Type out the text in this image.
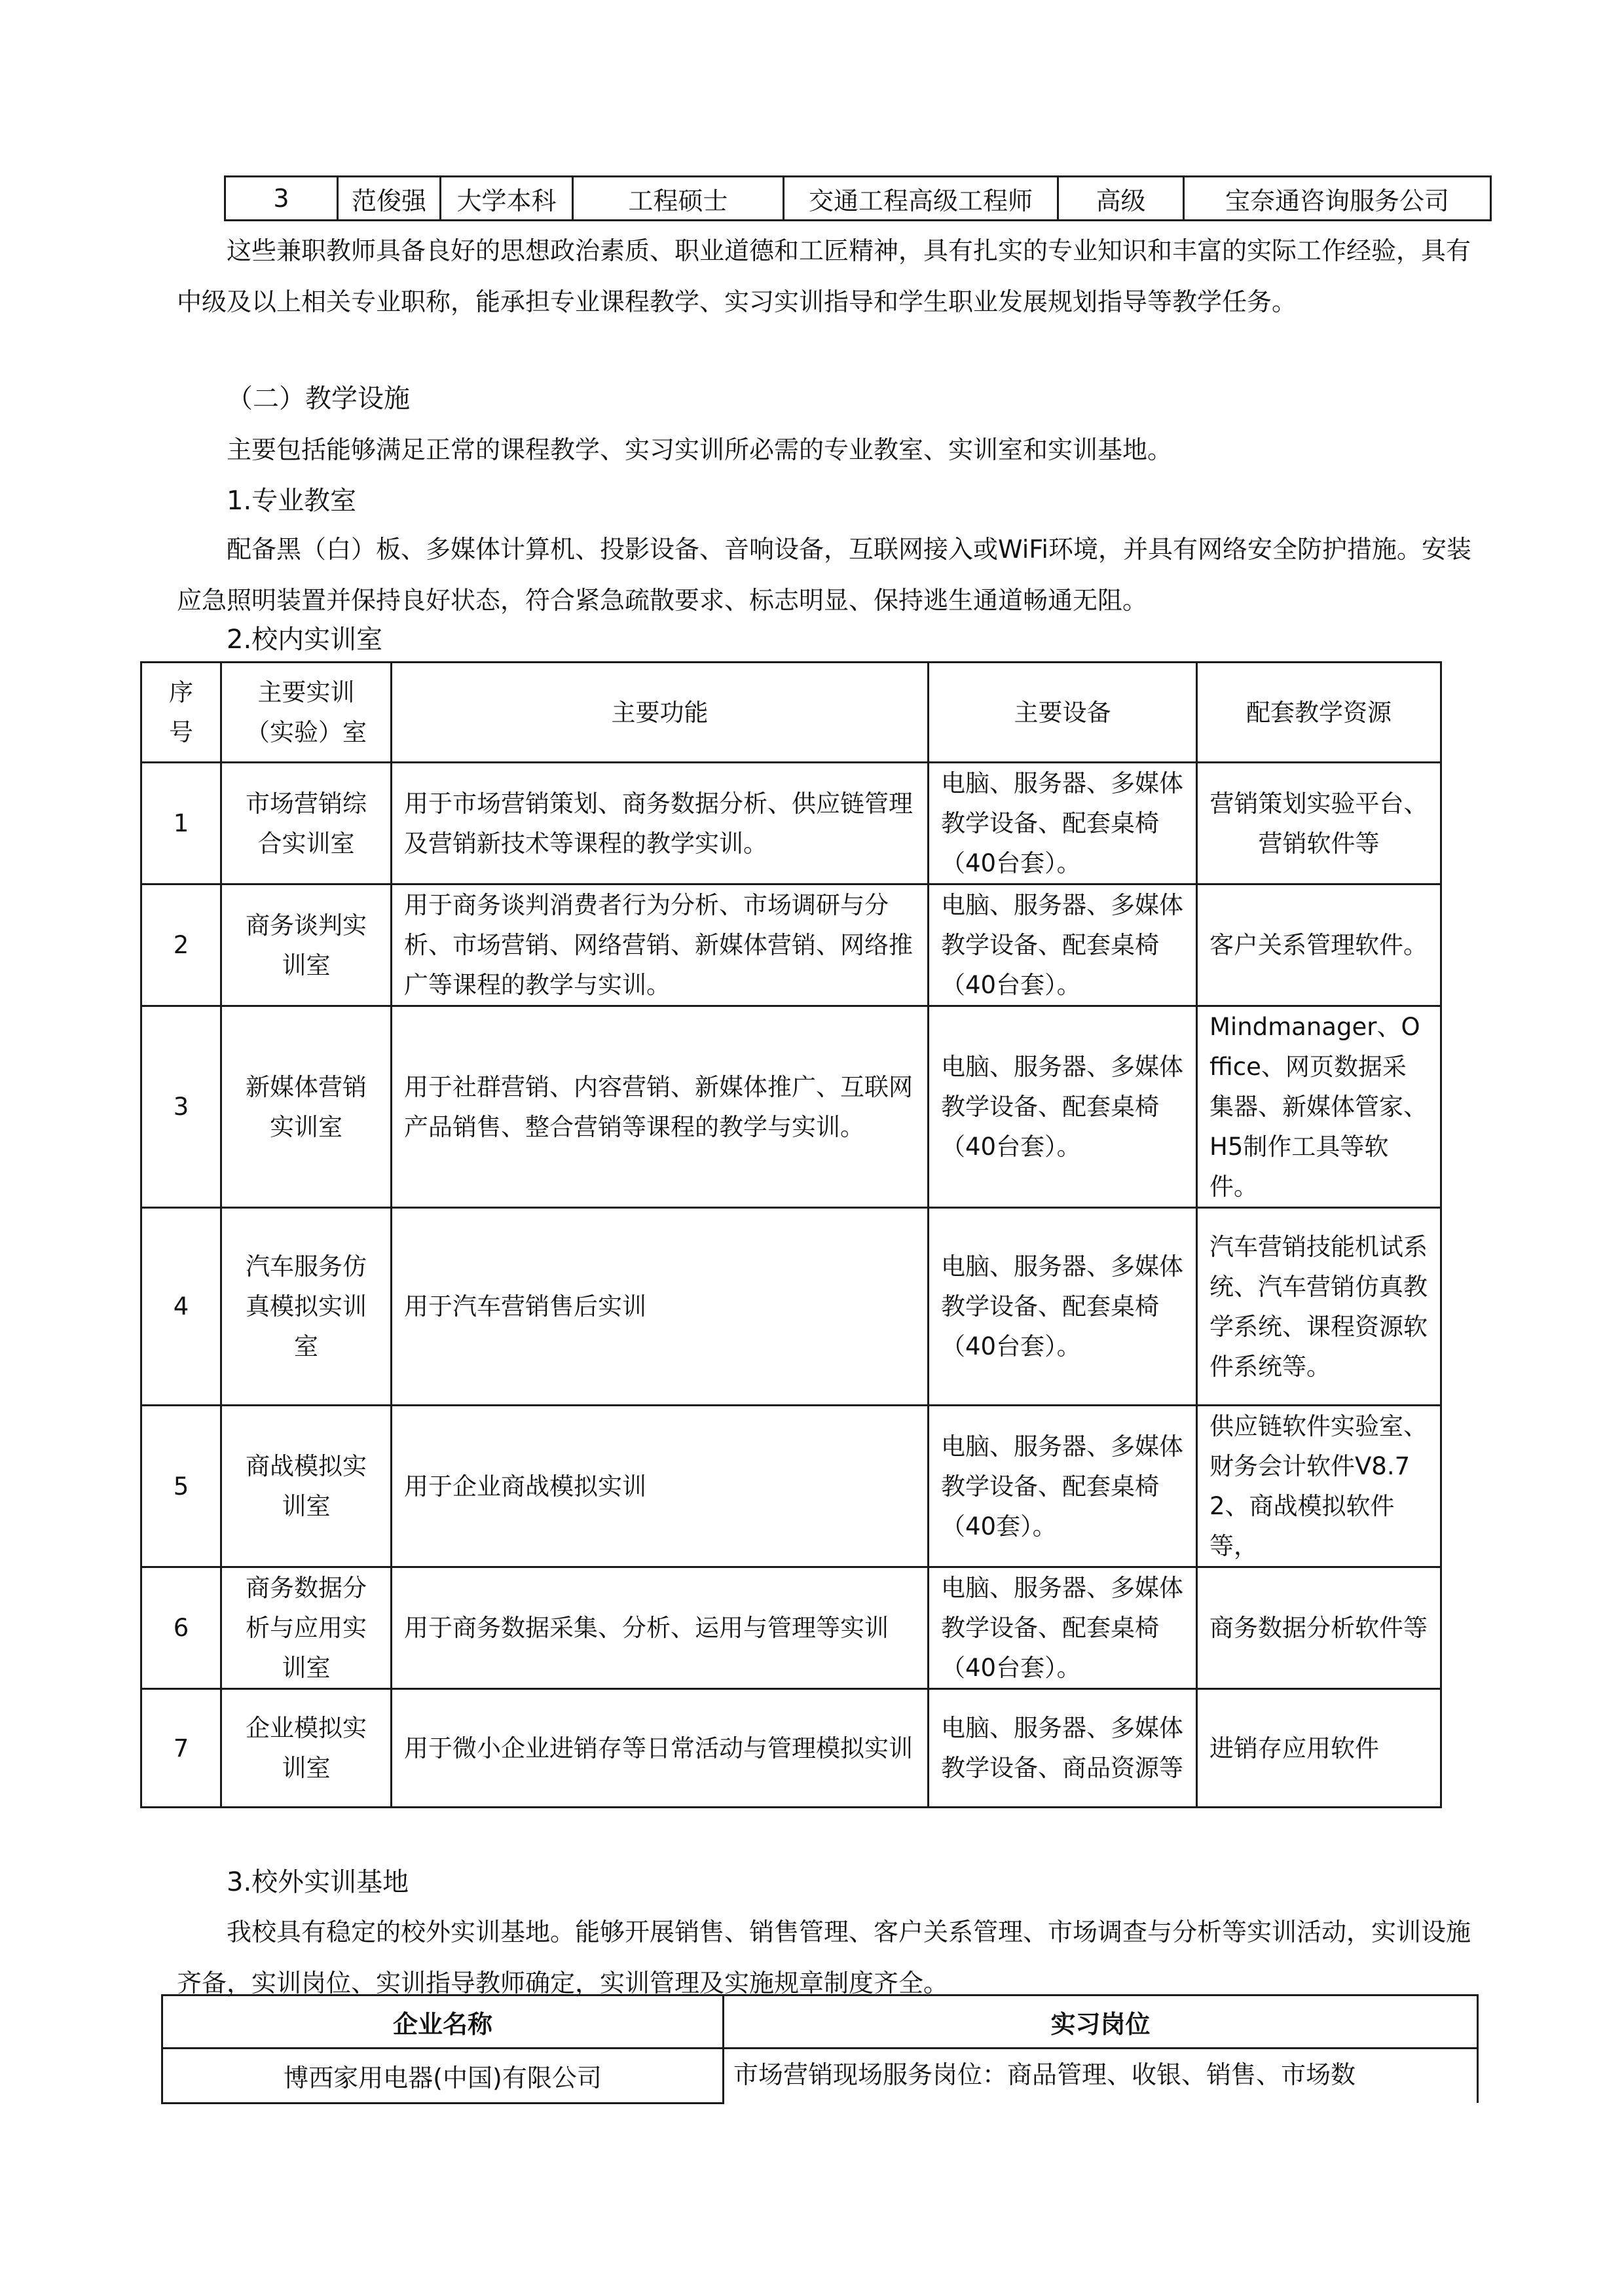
3	范俊强	大学本科	工程硕士	交通工程高级工程师	高级	宝奈通咨询服务公司

这些兼职教师具备良好的思想政治素质、职业道德和工匠精神，具有扎实的专业知识和丰富的实际工作经验，具有中级及以上相关专业职称，能承担专业课程教学、实习实训指导和学生职业发展规划指导等教学任务。

（二）教学设施

主要包括能够满足正常的课程教学、实习实训所必需的专业教室、实训室和实训基地。

1.专业教室

配备黑（白）板、多媒体计算机、投影设备、音响设备，互联网接入或WiFi环境，并具有网络安全防护措施。安装应急照明装置并保持良好状态，符合紧急疏散要求、标志明显、保持逃生通道畅通无阻。

2.校内实训室

序号	主要实训（实验）室	主要功能	主要设备	配套教学资源
1	市场营销综合实训室	用于市场营销策划、商务数据分析、供应链管理及营销新技术等课程的教学实训。	电脑、服务器、多媒体教学设备、配套桌椅（40台套）。	营销策划实验平台、营销软件等
2	商务谈判实训室	用于商务谈判消费者行为分析、市场调研与分析、市场营销、网络营销、新媒体营销、网络推广等课程的教学与实训。	电脑、服务器、多媒体教学设备、配套桌椅（40台套）。	客户关系管理软件。
3	新媒体营销实训室	用于社群营销、内容营销、新媒体推广、互联网产品销售、整合营销等课程的教学与实训。	电脑、服务器、多媒体教学设备、配套桌椅（40台套）。	Mindmanager、Office、网页数据采集器、新媒体管家、H5制作工具等软件。
4	汽车服务仿真模拟实训室	用于汽车营销售后实训	电脑、服务器、多媒体教学设备、配套桌椅（40台套）。	汽车营销技能机试系统、汽车营销仿真教学系统、课程资源软件系统等。
5	商战模拟实训室	用于企业商战模拟实训	电脑、服务器、多媒体教学设备、配套桌椅（40套）。	供应链软件实验室、财务会计软件V8.72、商战模拟软件等，
6	商务数据分析与应用实训室	用于商务数据采集、分析、运用与管理等实训	电脑、服务器、多媒体教学设备、配套桌椅（40台套）。	商务数据分析软件等
7	企业模拟实训室	用于微小企业进销存等日常活动与管理模拟实训	电脑、服务器、多媒体教学设备、商品资源等	进销存应用软件

3.校外实训基地

我校具有稳定的校外实训基地。能够开展销售、销售管理、客户关系管理、市场调查与分析等实训活动，实训设施齐备，实训岗位、实训指导教师确定，实训管理及实施规章制度齐全。

企业名称	实习岗位
博西家用电器(中国)有限公司	市场营销现场服务岗位：商品管理、收银、销售、市场数
